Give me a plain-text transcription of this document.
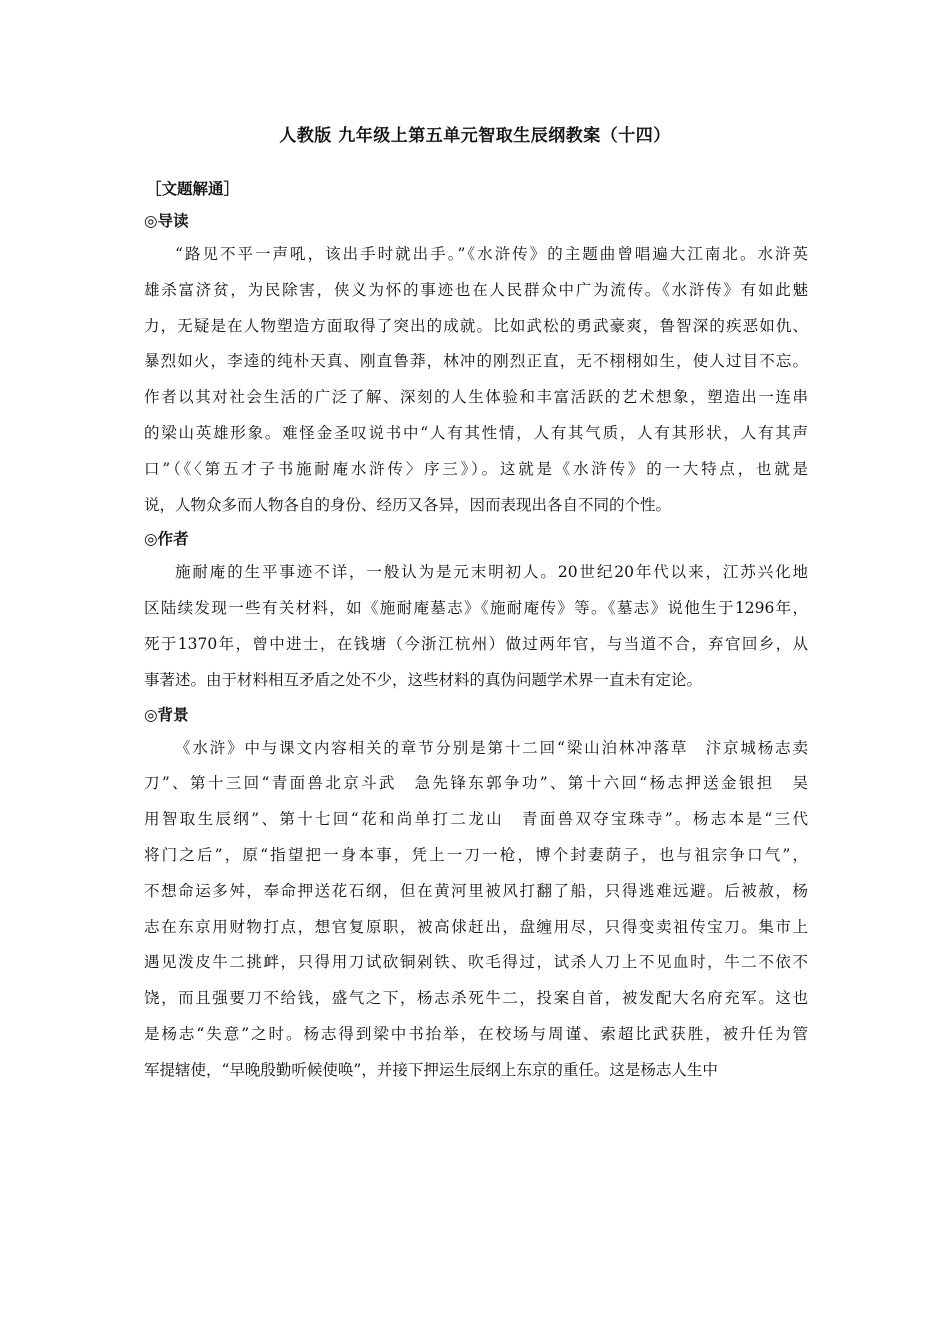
人教版 九年级上第五单元智取生辰纲教案（十四）
［文题解通］
◎导读
“路见不平一声吼，该出手时就出手。”《水浒传》的主题曲曾唱遍大江南北。水浒英
雄杀富济贫，为民除害，侠义为怀的事迹也在人民群众中广为流传。《水浒传》有如此魅
力，无疑是在人物塑造方面取得了突出的成就。比如武松的勇武豪爽，鲁智深的疾恶如仇、
暴烈如火，李逵的纯朴天真、刚直鲁莽，林冲的刚烈正直，无不栩栩如生，使人过目不忘。
作者以其对社会生活的广泛了解、深刻的人生体验和丰富活跃的艺术想象，塑造出一连串
的梁山英雄形象。难怪金圣叹说书中“人有其性情，人有其气质，人有其形状，人有其声
口”（《〈第五才子书施耐庵水浒传〉序三》）。这就是《水浒传》的一大特点，也就是
说，人物众多而人物各自的身份、经历又各异，因而表现出各自不同的个性。
◎作者
施耐庵的生平事迹不详，一般认为是元末明初人。20世纪20年代以来，江苏兴化地
区陆续发现一些有关材料，如《施耐庵墓志》《施耐庵传》等。《墓志》说他生于1296年，
死于1370年，曾中进士，在钱塘（今浙江杭州）做过两年官，与当道不合，弃官回乡，从
事著述。由于材料相互矛盾之处不少，这些材料的真伪问题学术界一直未有定论。
◎背景
《水浒》中与课文内容相关的章节分别是第十二回“梁山泊林冲落草　汴京城杨志卖
刀”、第十三回“青面兽北京斗武　急先锋东郭争功”、第十六回“杨志押送金银担　吴
用智取生辰纲”、第十七回“花和尚单打二龙山　青面兽双夺宝珠寺”。杨志本是“三代
将门之后”，原“指望把一身本事，凭上一刀一枪，博个封妻荫子，也与祖宗争口气”，
不想命运多舛，奉命押送花石纲，但在黄河里被风打翻了船，只得逃难远避。后被赦，杨
志在东京用财物打点，想官复原职，被高俅赶出，盘缠用尽，只得变卖祖传宝刀。集市上
遇见泼皮牛二挑衅，只得用刀试砍铜剁铁、吹毛得过，试杀人刀上不见血时，牛二不依不
饶，而且强要刀不给钱，盛气之下，杨志杀死牛二，投案自首，被发配大名府充军。这也
是杨志“失意”之时。杨志得到梁中书抬举，在校场与周谨、索超比武获胜，被升任为管
军提辖使，“早晚殷勤听候使唤”，并接下押运生辰纲上东京的重任。这是杨志人生中
